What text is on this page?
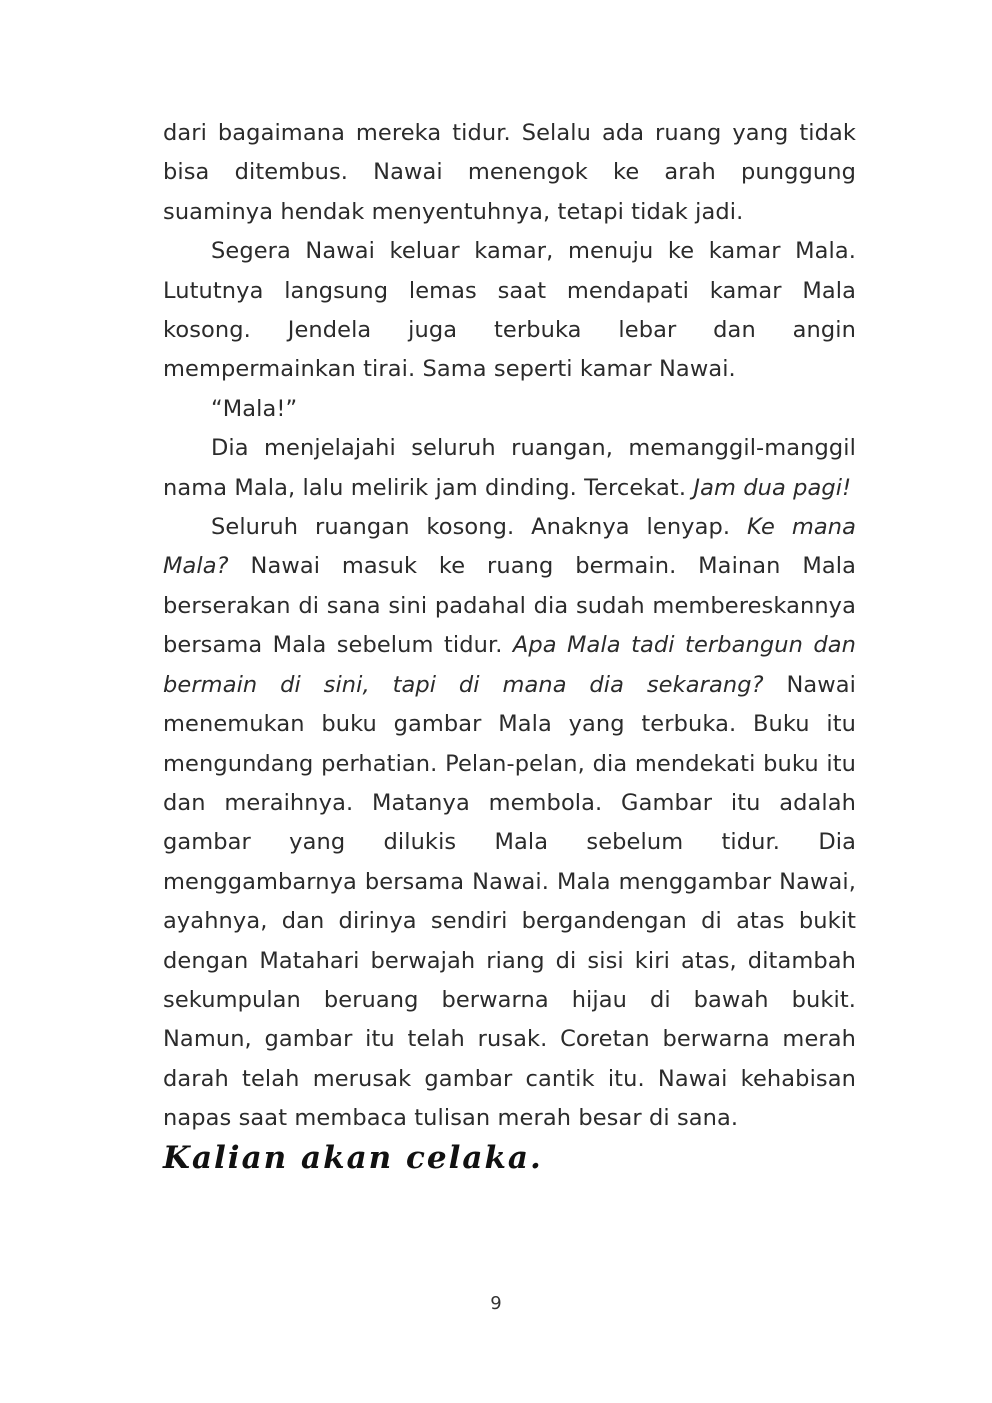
dari bagaimana mereka tidur. Selalu ada ruang yang tidak bisa ditembus. Nawai menengok ke arah punggung suaminya hendak menyentuhnya, tetapi tidak jadi.

Segera Nawai keluar kamar, menuju ke kamar Mala. Lututnya langsung lemas saat mendapati kamar Mala kosong. Jendela juga terbuka lebar dan angin mempermainkan tirai. Sama seperti kamar Nawai.

“Mala!”

Dia menjelajahi seluruh ruangan, memanggil-manggil nama Mala, lalu melirik jam dinding. Tercekat. Jam dua pagi!

Seluruh ruangan kosong. Anaknya lenyap. Ke mana Mala? Nawai masuk ke ruang bermain. Mainan Mala berserakan di sana sini padahal dia sudah membereskannya bersama Mala sebelum tidur. Apa Mala tadi terbangun dan bermain di sini, tapi di mana dia sekarang? Nawai menemukan buku gambar Mala yang terbuka. Buku itu mengundang perhatian. Pelan-pelan, dia mendekati buku itu dan meraihnya. Matanya membola. Gambar itu adalah gambar yang dilukis Mala sebelum tidur. Dia menggambarnya bersama Nawai. Mala menggambar Nawai, ayahnya, dan dirinya sendiri bergandengan di atas bukit dengan Matahari berwajah riang di sisi kiri atas, ditambah sekumpulan beruang berwarna hijau di bawah bukit. Namun, gambar itu telah rusak. Coretan berwarna merah darah telah merusak gambar cantik itu. Nawai kehabisan napas saat membaca tulisan merah besar di sana.

Kalian akan celaka.
9
